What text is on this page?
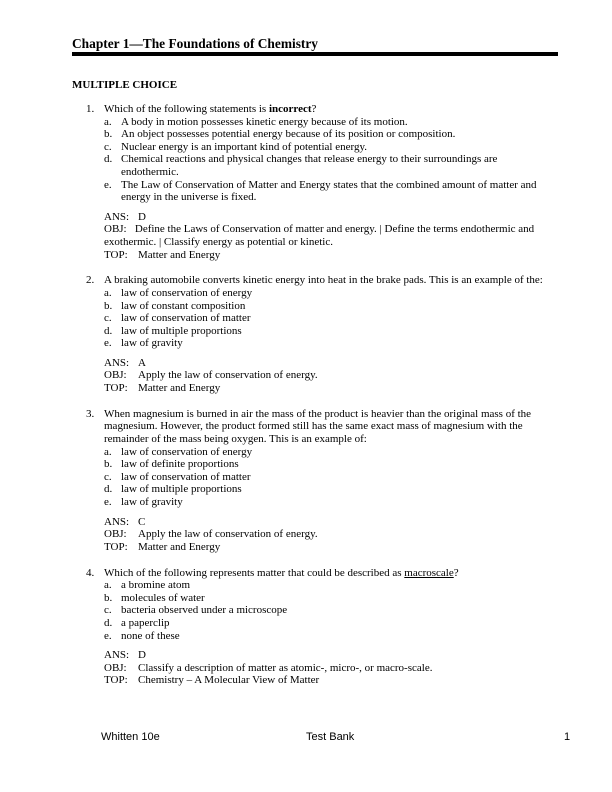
Chapter 1—The Foundations of Chemistry
MULTIPLE CHOICE
1. Which of the following statements is incorrect?

a. A body in motion possesses kinetic energy because of its motion.
b. An object possesses potential energy because of its position or composition.
c. Nuclear energy is an important kind of potential energy.
d. Chemical reactions and physical changes that release energy to their surroundings are endothermic.
e. The Law of Conservation of Matter and Energy states that the combined amount of matter and energy in the universe is fixed.
ANS: D
OBJ: Define the Laws of Conservation of matter and energy. | Define the terms endothermic and exothermic. | Classify energy as potential or kinetic.
TOP: Matter and Energy
2. A braking automobile converts kinetic energy into heat in the brake pads. This is an example of the:

a. law of conservation of energy
b. law of constant composition
c. law of conservation of matter
d. law of multiple proportions
e. law of gravity
ANS: A
OBJ: Apply the law of conservation of energy.
TOP: Matter and Energy
3. When magnesium is burned in air the mass of the product is heavier than the original mass of the magnesium. However, the product formed still has the same exact mass of magnesium with the remainder of the mass being oxygen. This is an example of:

a. law of conservation of energy
b. law of definite proportions
c. law of conservation of matter
d. law of multiple proportions
e. law of gravity
ANS: C
OBJ: Apply the law of conservation of energy.
TOP: Matter and Energy
4. Which of the following represents matter that could be described as macroscale?

a. a bromine atom
b. molecules of water
c. bacteria observed under a microscope
d. a paperclip
e. none of these
ANS: D
OBJ: Classify a description of matter as atomic-, micro-, or macro-scale.
TOP: Chemistry – A Molecular View of Matter
Whitten 10e	Test Bank	1
